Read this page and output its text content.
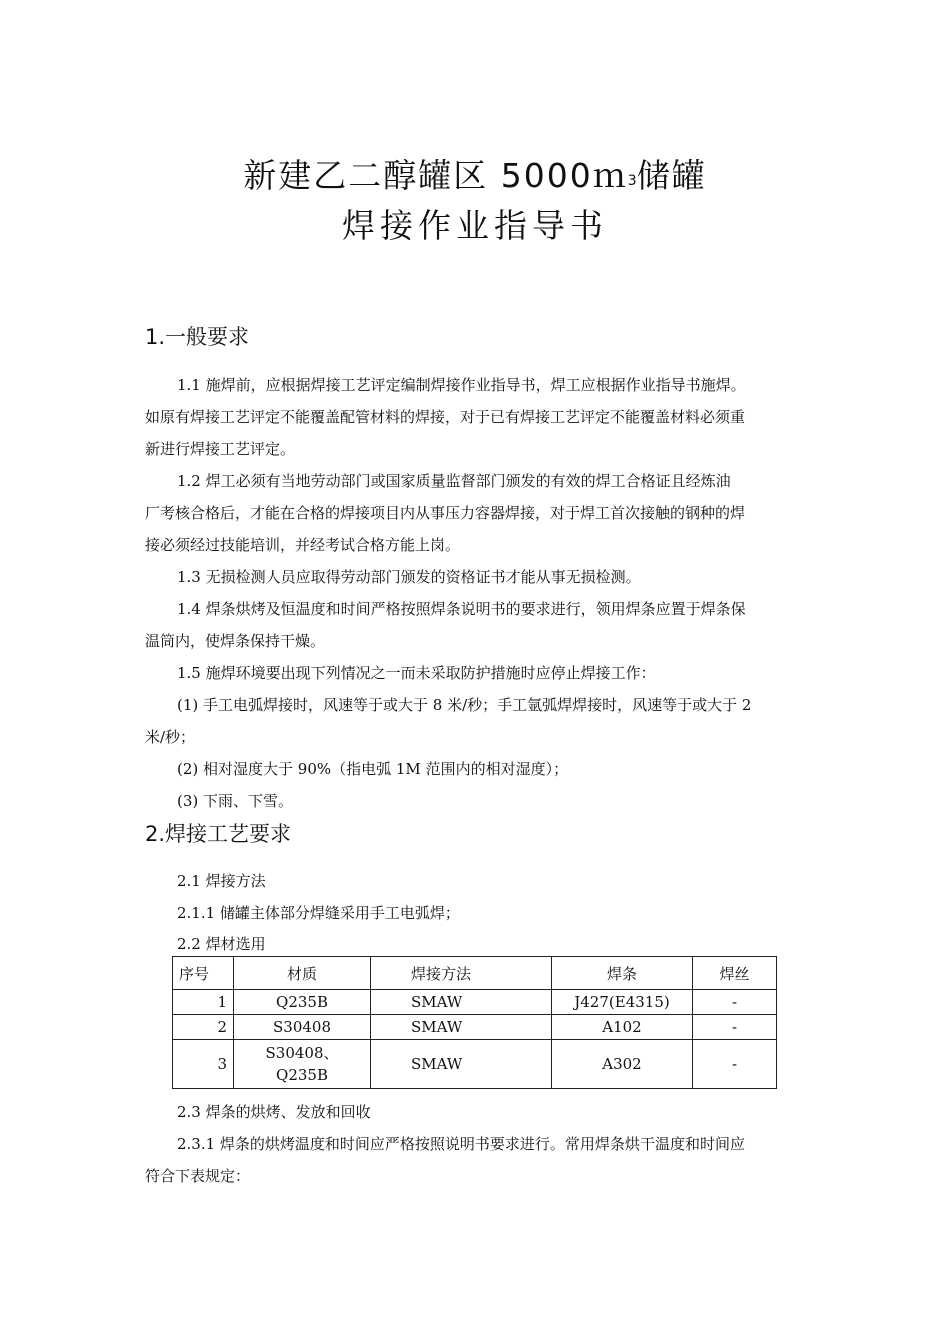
新建乙二醇罐区 5000ｍ$^3$储罐
焊接作业指导书
1.一般要求
1.1 施焊前，应根据焊接工艺评定编制焊接作业指导书，焊工应根据作业指导书施焊。
如原有焊接工艺评定不能覆盖配管材料的焊接，对于已有焊接工艺评定不能覆盖材料必须重
新进行焊接工艺评定。
1.2 焊工必须有当地劳动部门或国家质量监督部门颁发的有效的焊工合格证且经炼油
厂考核合格后，才能在合格的焊接项目内从事压力容器焊接，对于焊工首次接触的钢种的焊
接必须经过技能培训，并经考试合格方能上岗。
1.3 无损检测人员应取得劳动部门颁发的资格证书才能从事无损检测。
1.4 焊条烘烤及恒温度和时间严格按照焊条说明书的要求进行，领用焊条应置于焊条保
温筒内，使焊条保持干燥。
1.5 施焊环境要出现下列情况之一而未采取防护措施时应停止焊接工作：
(1) 手工电弧焊接时，风速等于或大于 8 米/秒；手工氩弧焊焊接时，风速等于或大于 2
米/秒；
(2) 相对湿度大于 90%（指电弧 1M 范围内的相对湿度）；
(3) 下雨、下雪。
2.焊接工艺要求
2.1 焊接方法
2.1.1 储罐主体部分焊缝采用手工电弧焊；
2.2 焊材选用
序号	材质	焊接方法	焊条	焊丝
1	Q235B	SMAW	J427(E4315)	-
2	S30408	SMAW	A102	-
3	S30408、
Q235B	SMAW	A302	-
2.3 焊条的烘烤、发放和回收
2.3.1 焊条的烘烤温度和时间应严格按照说明书要求进行。常用焊条烘干温度和时间应
符合下表规定：
